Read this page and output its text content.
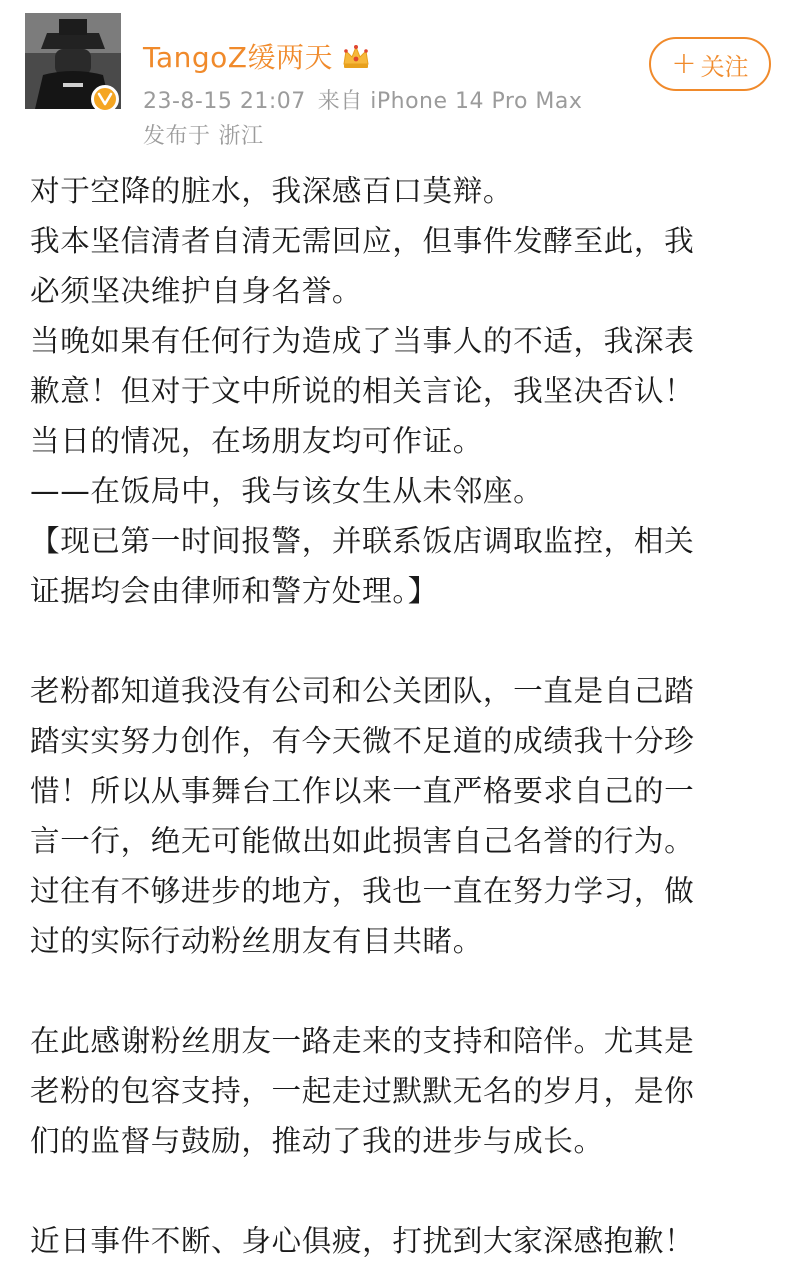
TangoZ缓两天
23-8-15 21:07 来自 iPhone 14 Pro Max
发布于 浙江
+ 关注
对于空降的脏水，我深感百口莫辩。
我本坚信清者自清无需回应，但事件发酵至此，我
必须坚决维护自身名誉。
当晚如果有任何行为造成了当事人的不适，我深表
歉意！但对于文中所说的相关言论，我坚决否认！
当日的情况，在场朋友均可作证。
——在饭局中，我与该女生从未邻座。
【现已第一时间报警，并联系饭店调取监控，相关
证据均会由律师和警方处理。】
老粉都知道我没有公司和公关团队，一直是自己踏
踏实实努力创作，有今天微不足道的成绩我十分珍
惜！所以从事舞台工作以来一直严格要求自己的一
言一行，绝无可能做出如此损害自己名誉的行为。
过往有不够进步的地方，我也一直在努力学习，做
过的实际行动粉丝朋友有目共睹。
在此感谢粉丝朋友一路走来的支持和陪伴。尤其是
老粉的包容支持，一起走过默默无名的岁月，是你
们的监督与鼓励，推动了我的进步与成长。
近日事件不断、身心俱疲，打扰到大家深感抱歉！
